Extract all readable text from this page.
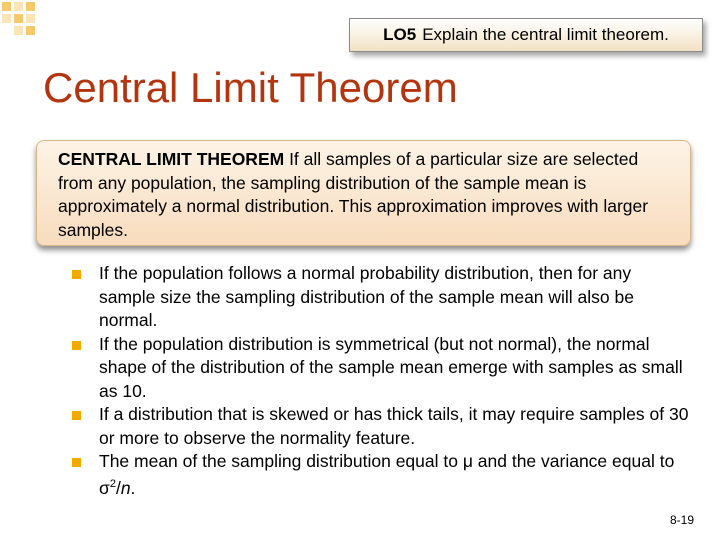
LO5 Explain the central limit theorem.
Central Limit Theorem
CENTRAL LIMIT THEOREM If all samples of a particular size are selected from any population, the sampling distribution of the sample mean is approximately a normal distribution. This approximation improves with larger samples.
If the population follows a normal probability distribution, then for any sample size the sampling distribution of the sample mean will also be normal.
If the population distribution is symmetrical (but not normal), the normal shape of the distribution of the sample mean emerge with samples as small as 10.
If a distribution that is skewed or has thick tails, it may require samples of 30 or more to observe the normality feature.
The mean of the sampling distribution equal to μ and the variance equal to $\sigma^2/n$.
8-19
